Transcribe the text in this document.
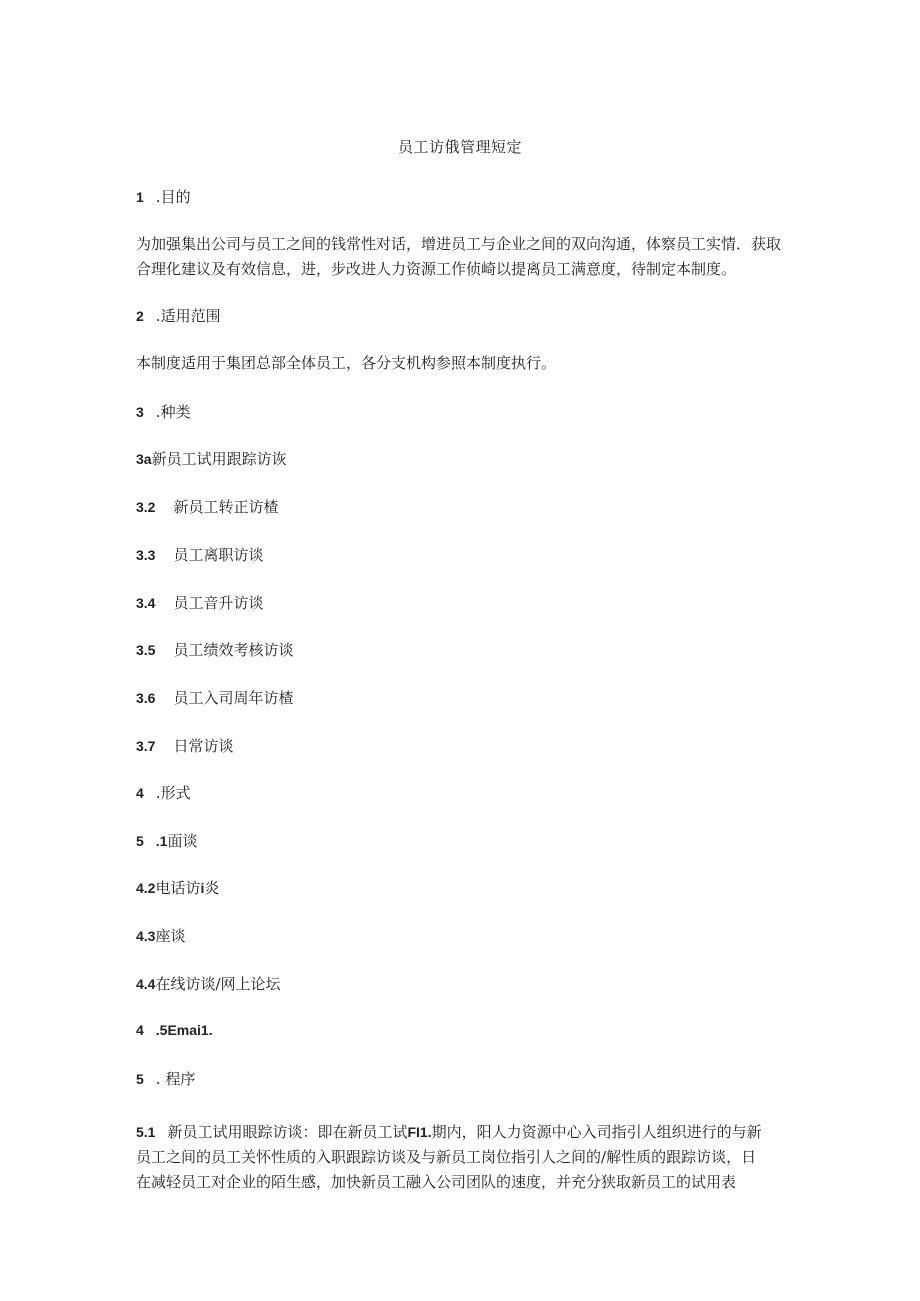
员工访俄管理短定
1 .目的
为加强集出公司与员工之间的钱常性对话，增进员工与企业之间的双向沟通，体察员工实情．获取
合理化建议及有效信息，进，步改进人力资源工作侦崎以提离员工满意度，待制定本制度。
2 .适用范围
本制度适用于集团总部全体员工，各分支机构参照本制度执行。
3 .种类
3a新员工试用跟踪访诙
3.2 新员工转正访楂
3.3 员工离职访谈
3.4 员工音升访谈
3.5 员工绩效考核访谈
3.6 员工入司周年访楂
3.7 日常访谈
4 .形式
5 .1面谈
4.2电话访i炎
4.3座谈
4.4在线访谈/网上论坛
4 .5Emai1.
5 . 程序
5.1 新员工试用眼踪访谈：即在新员工试FI1.期内，阳人力资源中心入司指引人组织进行的与新
员工之间的员工关怀性质的入职跟踪访谈及与新员工岗位指引人之间的/解性质的跟踪访谈，日
在减轻员工对企业的陌生感，加快新员工融入公司团队的速度，并充分狭取新员工的试用表
